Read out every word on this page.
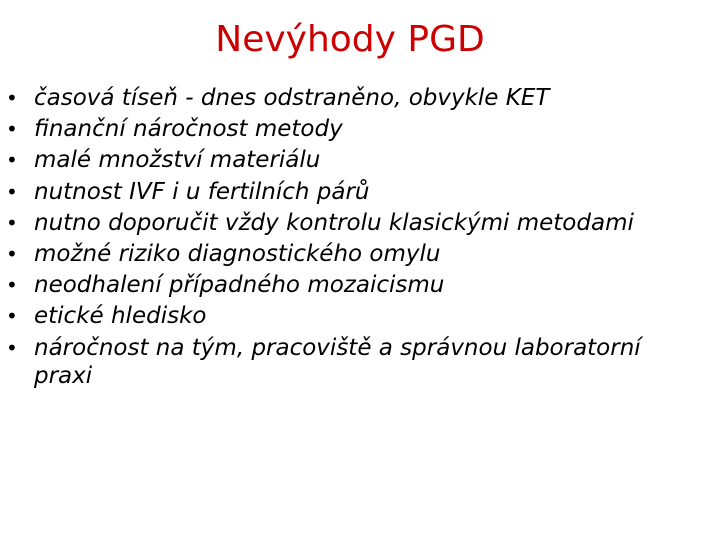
Nevýhody PGD
• časová tíseň - dnes odstraněno, obvykle KET
• finanční náročnost metody
• malé množství materiálu
• nutnost IVF i u fertilních párů
• nutno doporučit vždy kontrolu klasickými metodami
• možné riziko diagnostického omylu
• neodhalení případného mozaicismu
• etické hledisko
• náročnost na tým, pracoviště a správnou laboratorní praxi
